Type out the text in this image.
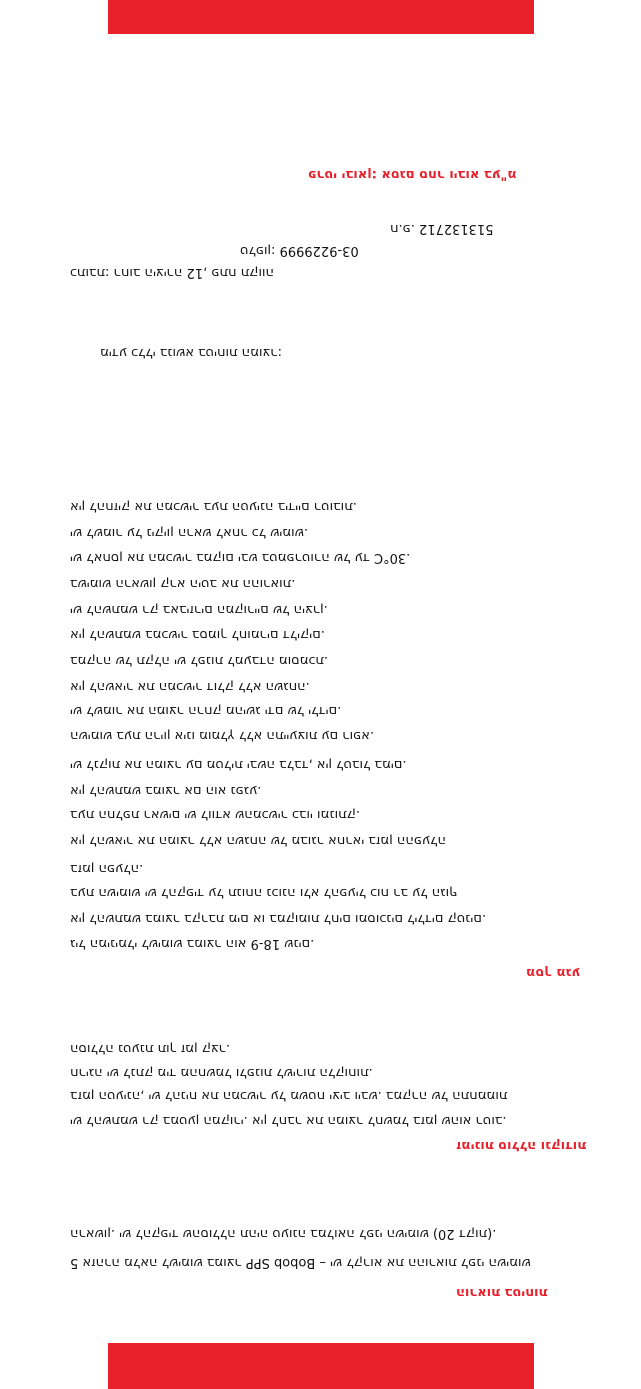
הוראות בטיחות
• 5 אזהרה מלאה לשימוש במוצר Bobob SPP – יש לקרוא את ההוראות לפני השימוש
הראשון. יש להקפיד שהסוללה תהיה טעונה במלואה לפני השימוש (20 דקות).
זמינות סוללה ונקודות
• יש להשתמש רק במטען המקורי. אין לחבר את המוצר לחשמל בזמן שהוא רטוב.
בזמן הטעינה, יש להניח את המכשיר על משטח יציב ויבש. במקרה של התחממות
חריגה יש לנתק מיד מהחשמל ולפנות לשירות הלקוחות.
הסוללה נטענת תוך זמן קצר.
מסך מגע
• גיל המינימלי לשימוש במוצר הוא 18-9 שנים.
• אין להשתמש במוצר בקרבת מים או במקומות לחים ומסוכנים לילדים קטנים.
בעת השימוש יש להקפיד על תנוחה נכונה ולא להפעיל כוח רב על הגוף
• בזמן הפעלה.
אין להשאיר את המוצר ללא השגחה של מבוגר אחראי בזמן ההפעלה
• בעת החלפת ראשים יש לוודא שהמכשיר כבוי ומנותק.
• אין להשתמש במוצר אם הוא נפגע.
• יש לנקות את המוצר עם מטלית יבשה בלבד, אין לטבול במים.
השימוש בעת הריון אינו מומלץ ללא התייעצות עם רופא.
יש לשמור את המוצר הרחק מהישג ידם של ילדים.
• אין להשאיר את המכשיר דולק ללא השגחה.
• במקרה של תקלה יש לפנות למעבדה מוסמכת.
• אין להשתמש במכשיר בסמוך לחומרים דליקים.
יש להשתמש רק באביזרים המקוריים של היצרן.
• בשימוש הראשון קרא היטב את ההוראות.
• יש לאחסן את המכשיר במקום יבש בטמפרטורה של עד 30°C.
• יש לשמור על ניקיון הראש לאחר כל שימוש.
• אין להחזיק את המכשיר בעת הטעינה בידיים רטובות.
מידע כללי בנושא בטיחות המוצר:
פרטי יבואן: אסגם סחר ויבוא בע"מ
כתובת: רחוב היצירה 12, פתח תקווה
טלפון: 03-9229999
ח.פ. 513132712
